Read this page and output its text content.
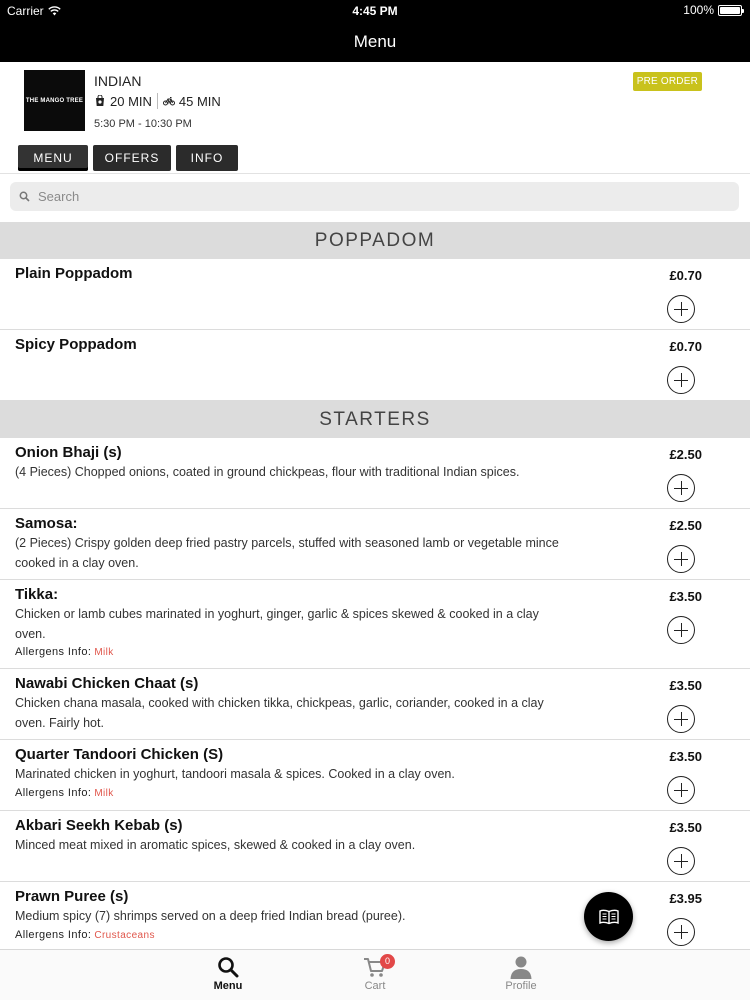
Carrier	4:45 PM	100%
Menu
THE MANGO TREE
INDIAN
20 MIN 45 MIN
5:30 PM - 10:30 PM
PRE ORDER
MENU	OFFERS	INFO
Search
POPPADOM
Plain Poppadom	£0.70
Spicy Poppadom	£0.70
STARTERS
Onion Bhaji (s)
(4 Pieces) Chopped onions, coated in ground chickpeas, flour with traditional Indian spices.
£2.50
Samosa:
(2 Pieces) Crispy golden deep fried pastry parcels, stuffed with seasoned lamb or vegetable mince cooked in a clay oven.
£2.50
Tikka:
Chicken or lamb cubes marinated in yoghurt, ginger, garlic & spices skewed & cooked in a clay oven.
Allergens Info: Milk
£3.50
Nawabi Chicken Chaat (s)
Chicken chana masala, cooked with chicken tikka, chickpeas, garlic, coriander, cooked in a clay oven. Fairly hot.
£3.50
Quarter Tandoori Chicken (S)
Marinated chicken in yoghurt, tandoori masala & spices. Cooked in a clay oven.
Allergens Info: Milk
£3.50
Akbari Seekh Kebab (s)
Minced meat mixed in aromatic spices, skewed & cooked in a clay oven.
£3.50
Prawn Puree (s)
Medium spicy (7) shrimps served on a deep fried Indian bread (puree).
Allergens Info: Crustaceans
£3.95
Menu
0
Cart	Profile
